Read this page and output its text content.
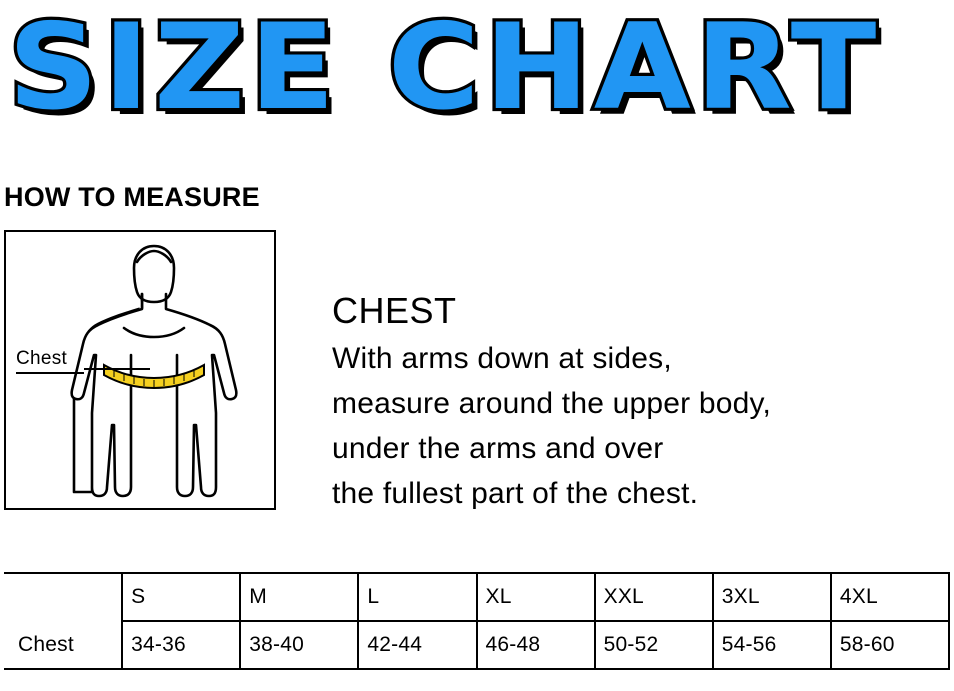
SIZE CHART
HOW TO MEASURE
Chest
CHEST
With arms down at sides,
measure around the upper body,
under the arms and over
the fullest part of the chest.
	S	M	L	XL	XXL	3XL	4XL
Chest	34-36	38-40	42-44	46-48	50-52	54-56	58-60
